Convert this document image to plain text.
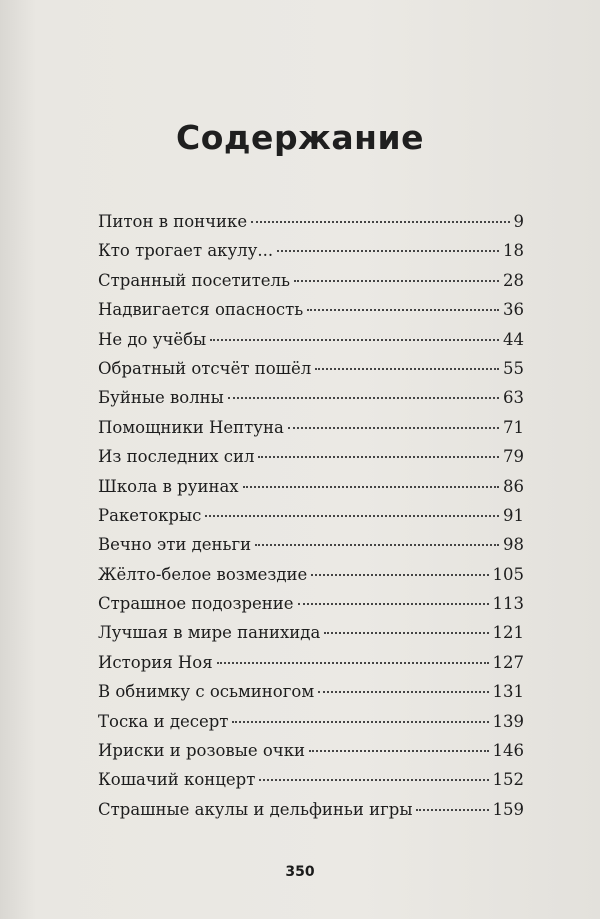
Содержание
Питон в пончике	9
Кто трогает акулу...	18
Странный посетитель	28
Надвигается опасность	36
Не до учёбы	44
Обратный отсчёт пошёл	55
Буйные волны	63
Помощники Нептуна	71
Из последних сил	79
Школа в руинах	86
Ракетокрыс	91
Вечно эти деньги	98
Жёлто-белое возмездие	105
Страшное подозрение	113
Лучшая в мире панихида	121
История Ноя	127
В обнимку с осьминогом	131
Тоска и десерт	139
Ириски и розовые очки	146
Кошачий концерт	152
Страшные акулы и дельфиньи игры	159
350
